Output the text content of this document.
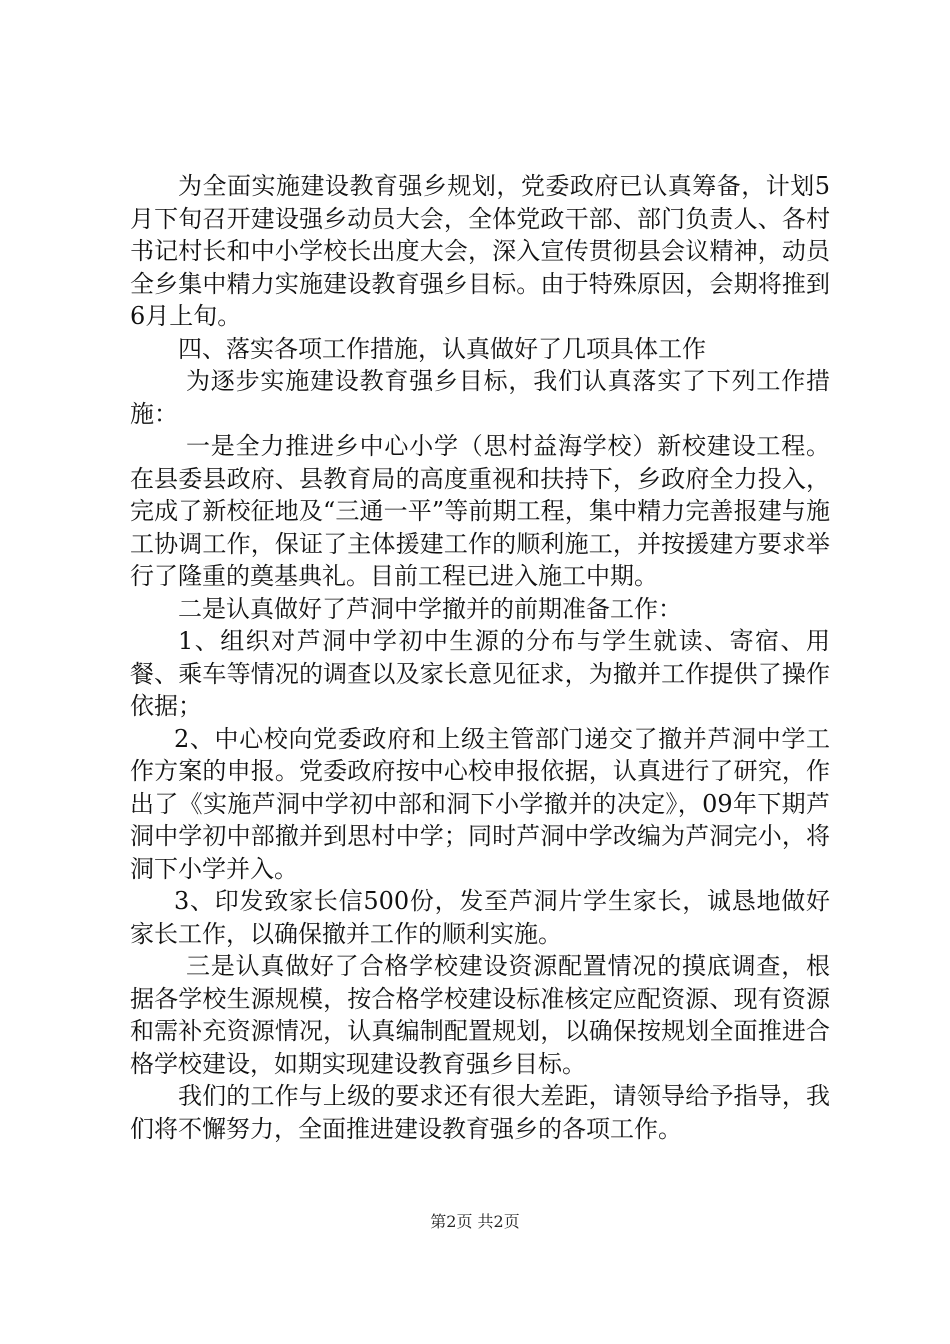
为全面实施建设教育强乡规划，党委政府已认真筹备，计划5月下旬召开建设强乡动员大会，全体党政干部、部门负责人、各村书记村长和中小学校长出度大会，深入宣传贯彻县会议精神，动员全乡集中精力实施建设教育强乡目标。由于特殊原因，会期将推到6月上旬。

四、落实各项工作措施，认真做好了几项具体工作

为逐步实施建设教育强乡目标，我们认真落实了下列工作措施：

一是全力推进乡中心小学（思村益海学校）新校建设工程。在县委县政府、县教育局的高度重视和扶持下，乡政府全力投入，完成了新校征地及“三通一平”等前期工程，集中精力完善报建与施工协调工作，保证了主体援建工作的顺利施工，并按援建方要求举行了隆重的奠基典礼。目前工程已进入施工中期。

二是认真做好了芦洞中学撤并的前期准备工作：

1、组织对芦洞中学初中生源的分布与学生就读、寄宿、用餐、乘车等情况的调查以及家长意见征求，为撤并工作提供了操作依据；

2、中心校向党委政府和上级主管部门递交了撤并芦洞中学工作方案的申报。党委政府按中心校申报依据，认真进行了研究，作出了《实施芦洞中学初中部和洞下小学撤并的决定》，09年下期芦洞中学初中部撤并到思村中学；同时芦洞中学改编为芦洞完小，将洞下小学并入。

3、印发致家长信500份，发至芦洞片学生家长，诚恳地做好家长工作，以确保撤并工作的顺利实施。

三是认真做好了合格学校建设资源配置情况的摸底调查，根据各学校生源规模，按合格学校建设标准核定应配资源、现有资源和需补充资源情况，认真编制配置规划，以确保按规划全面推进合格学校建设，如期实现建设教育强乡目标。

我们的工作与上级的要求还有很大差距，请领导给予指导，我们将不懈努力，全面推进建设教育强乡的各项工作。

第2页 共2页
